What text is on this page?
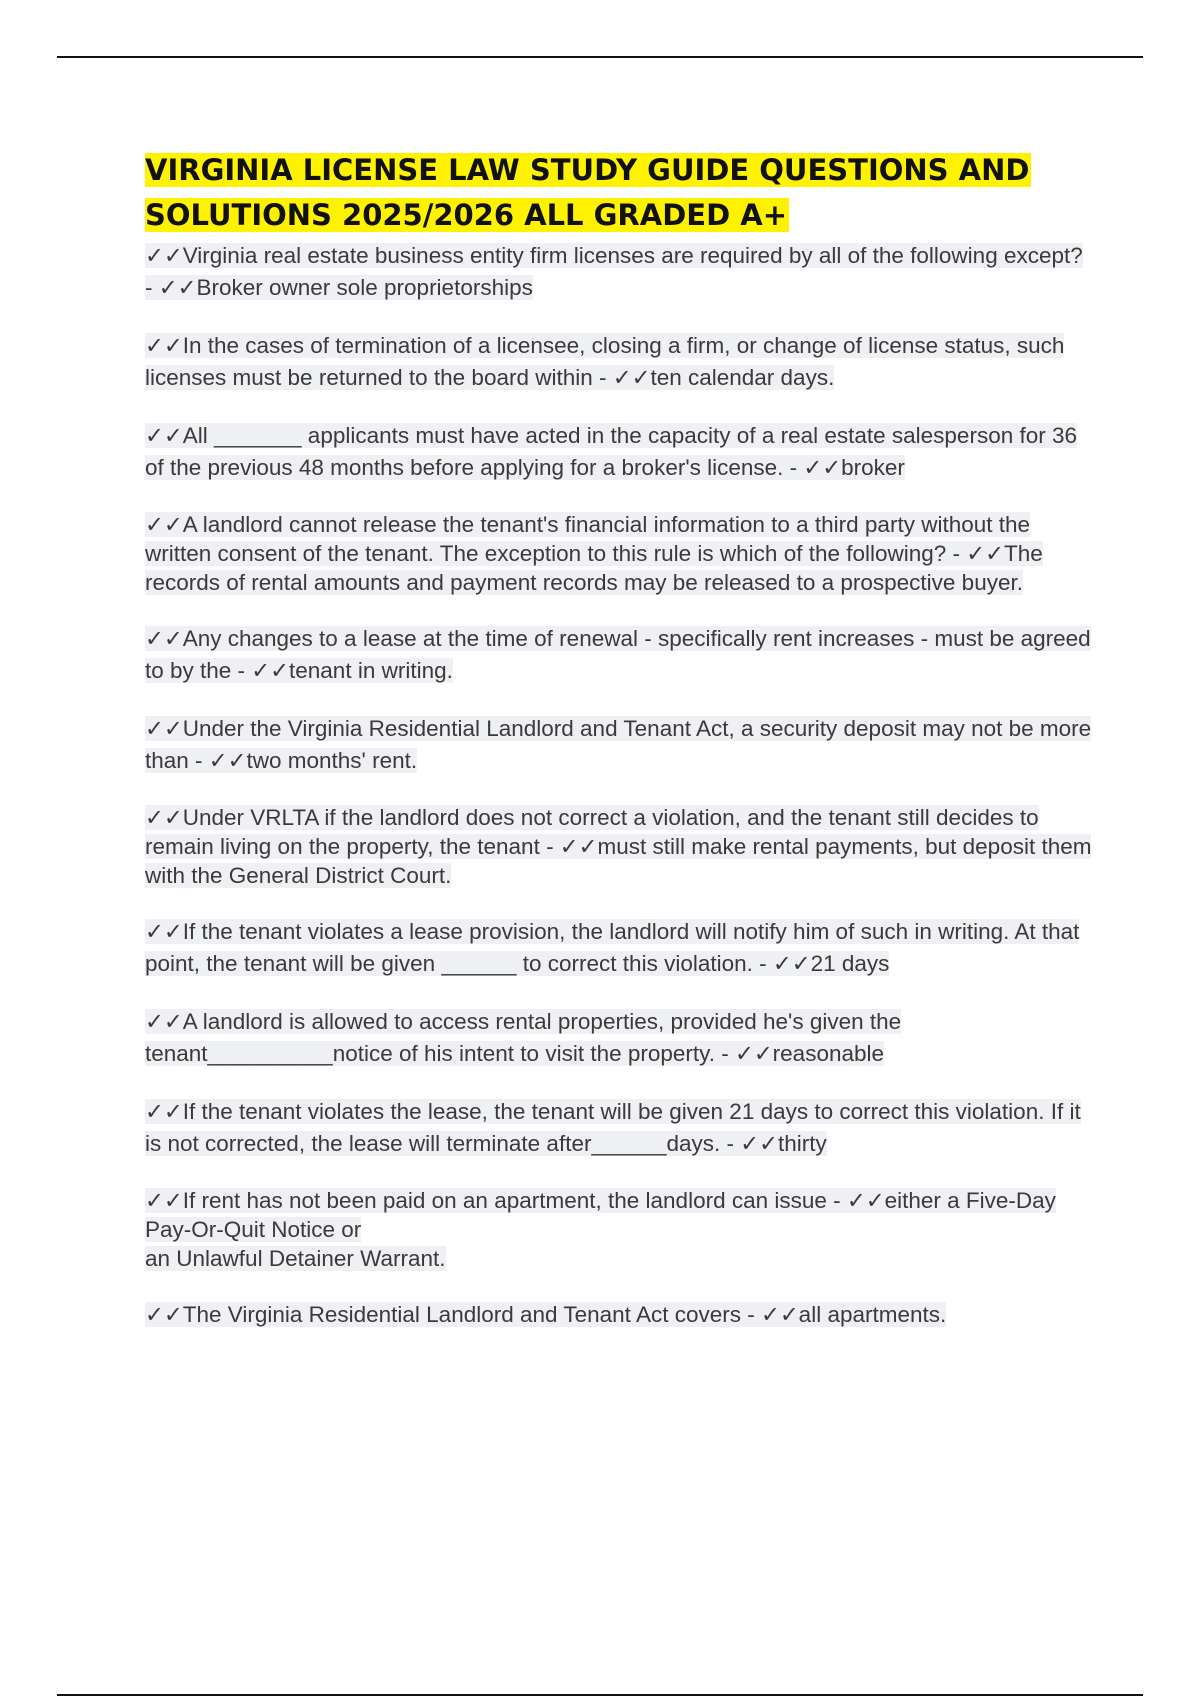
VIRGINIA LICENSE LAW STUDY GUIDE QUESTIONS AND SOLUTIONS 2025/2026 ALL GRADED A+
✓✓Virginia real estate business entity firm licenses are required by all of the following except? - ✓✓Broker owner sole proprietorships
✓✓In the cases of termination of a licensee, closing a firm, or change of license status, such licenses must be returned to the board within - ✓✓ten calendar days.
✓✓All _______ applicants must have acted in the capacity of a real estate salesperson for 36 of the previous 48 months before applying for a broker's license. - ✓✓broker
✓✓A landlord cannot release the tenant's financial information to a third party without the written consent of the tenant. The exception to this rule is which of the following? - ✓✓The records of rental amounts and payment records may be released to a prospective buyer.
✓✓Any changes to a lease at the time of renewal - specifically rent increases - must be agreed to by the - ✓✓tenant in writing.
✓✓Under the Virginia Residential Landlord and Tenant Act, a security deposit may not be more than - ✓✓two months' rent.
✓✓Under VRLTA if the landlord does not correct a violation, and the tenant still decides to remain living on the property, the tenant - ✓✓must still make rental payments, but deposit them with the General District Court.
✓✓If the tenant violates a lease provision, the landlord will notify him of such in writing. At that point, the tenant will be given ______ to correct this violation. - ✓✓21 days
✓✓A landlord is allowed to access rental properties, provided he's given the tenant__________notice of his intent to visit the property. - ✓✓reasonable
✓✓If the tenant violates the lease, the tenant will be given 21 days to correct this violation. If it is not corrected, the lease will terminate after______days. - ✓✓thirty
✓✓If rent has not been paid on an apartment, the landlord can issue - ✓✓either a Five-Day Pay-Or-Quit Notice or
an Unlawful Detainer Warrant.
✓✓The Virginia Residential Landlord and Tenant Act covers - ✓✓all apartments.
